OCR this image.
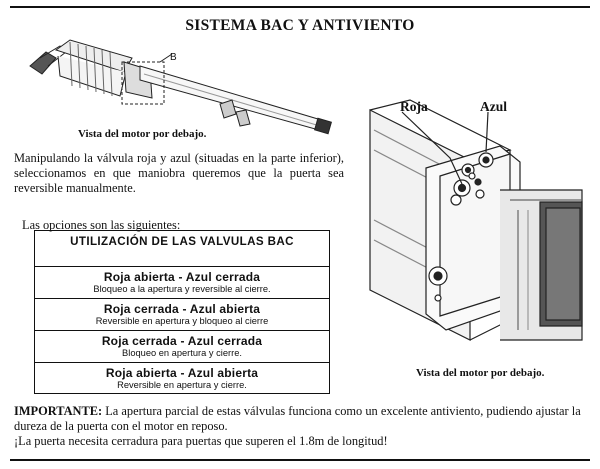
SISTEMA BAC Y ANTIVIENTO
B
Vista del motor por debajo.
Manipulando la válvula roja y azul (situadas en la parte inferior), seleccionamos en que maniobra queremos que la puerta sea reversible manualmente.
Las opciones son las siguientes:
UTILIZACIÓN DE LAS VALVULAS BAC
Roja abierta - Azul cerrada
Bloqueo a la apertura y reversible al cierre.
Roja cerrada - Azul abierta
Reversible en apertura y bloqueo al cierre
Roja cerrada - Azul cerrada
Bloqueo en apertura y cierre.
Roja abierta - Azul abierta
Reversible en apertura y cierre.
Roja	Azul
Vista del motor por debajo.
IMPORTANTE: La apertura parcial de estas válvulas funciona como un excelente antiviento, pudiendo ajustar la dureza de la puerta con el motor en reposo.
¡La puerta necesita cerradura para puertas que superen el 1.8m de longitud!
